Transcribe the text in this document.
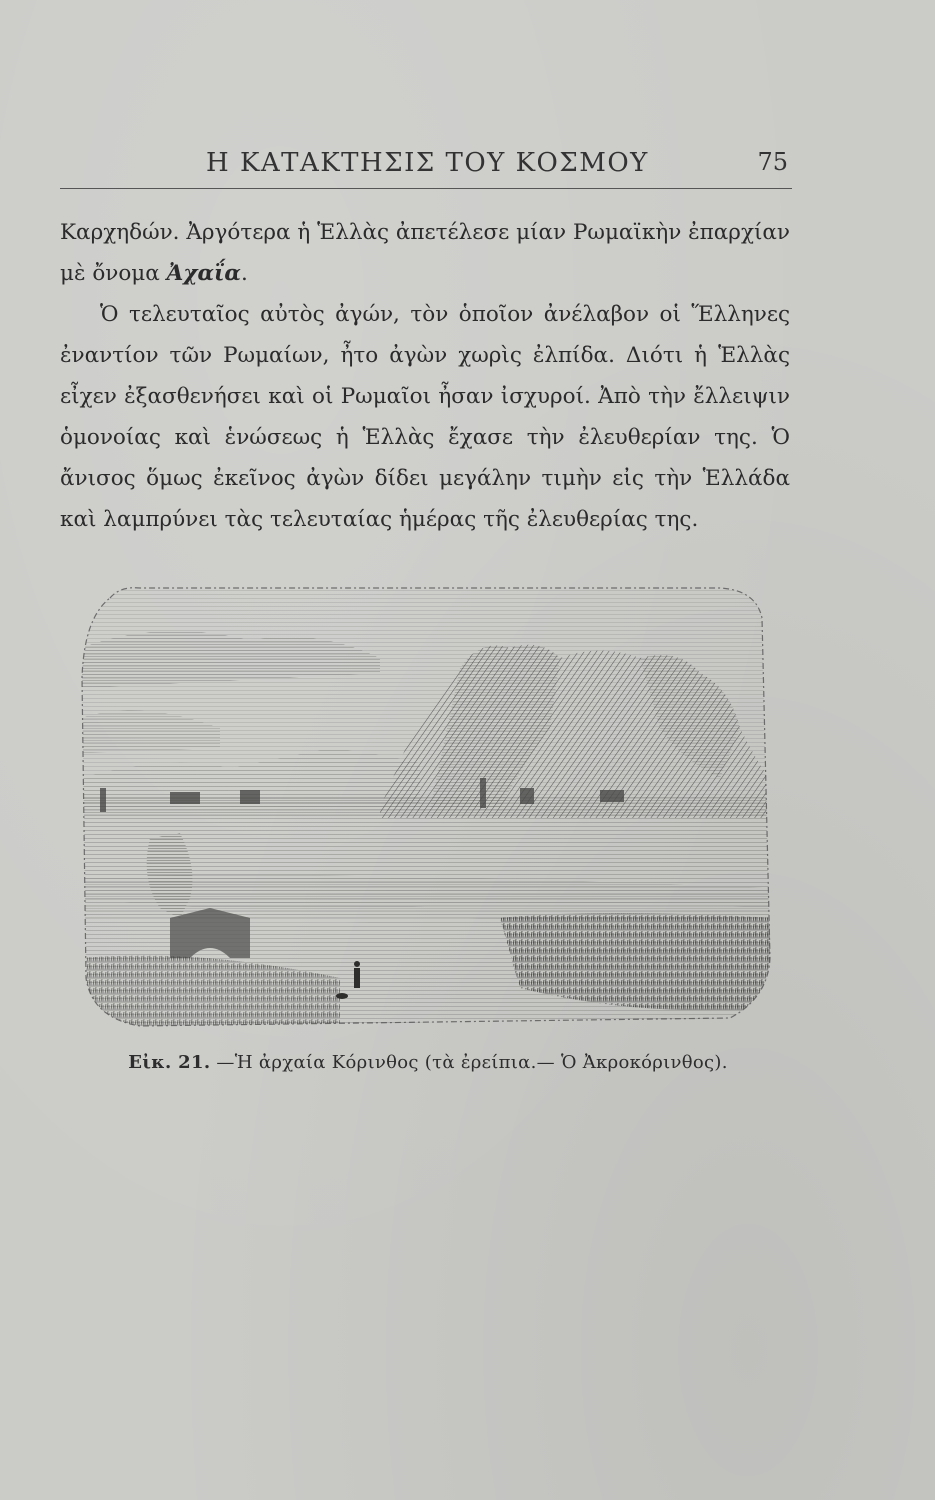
Η ΚΑΤΑΚΤΗΣΙΣ ΤΟΥ ΚΟΣΜΟΥ	75

Καρχηδών. Ἀργότερα ἡ Ἑλλὰς ἀπετέλεσε μίαν Ρωμαϊκὴν ἐπαρχίαν μὲ ὄνομα Ἀχαΐα.

Ὁ τελευταῖος αὐτὸς ἀγών, τὸν ὁποῖον ἀνέλαβον οἱ Ἕλληνες ἐναντίον τῶν Ρωμαίων, ἦτο ἀγὼν χωρὶς ἐλπίδα. Διότι ἡ Ἑλλὰς εἶχεν ἐξασθενήσει καὶ οἱ Ρωμαῖοι ἦσαν ἰσχυροί. Ἀπὸ τὴν ἔλλειψιν ὁμονοίας καὶ ἑνώσεως ἡ Ἑλλὰς ἔχασε τὴν ἐλευθερίαν της. Ὁ ἄνισος ὅμως ἐκεῖνος ἀγὼν δίδει μεγάλην τιμὴν εἰς τὴν Ἑλλάδα καὶ λαμπρύνει τὰς τελευταίας ἡμέρας τῆς ἐλευθερίας της.

Εἰκ. 21. —Ἡ ἀρχαία Κόρινθος (τὰ ἐρείπια.— Ὁ Ἀκροκόρινθος).
